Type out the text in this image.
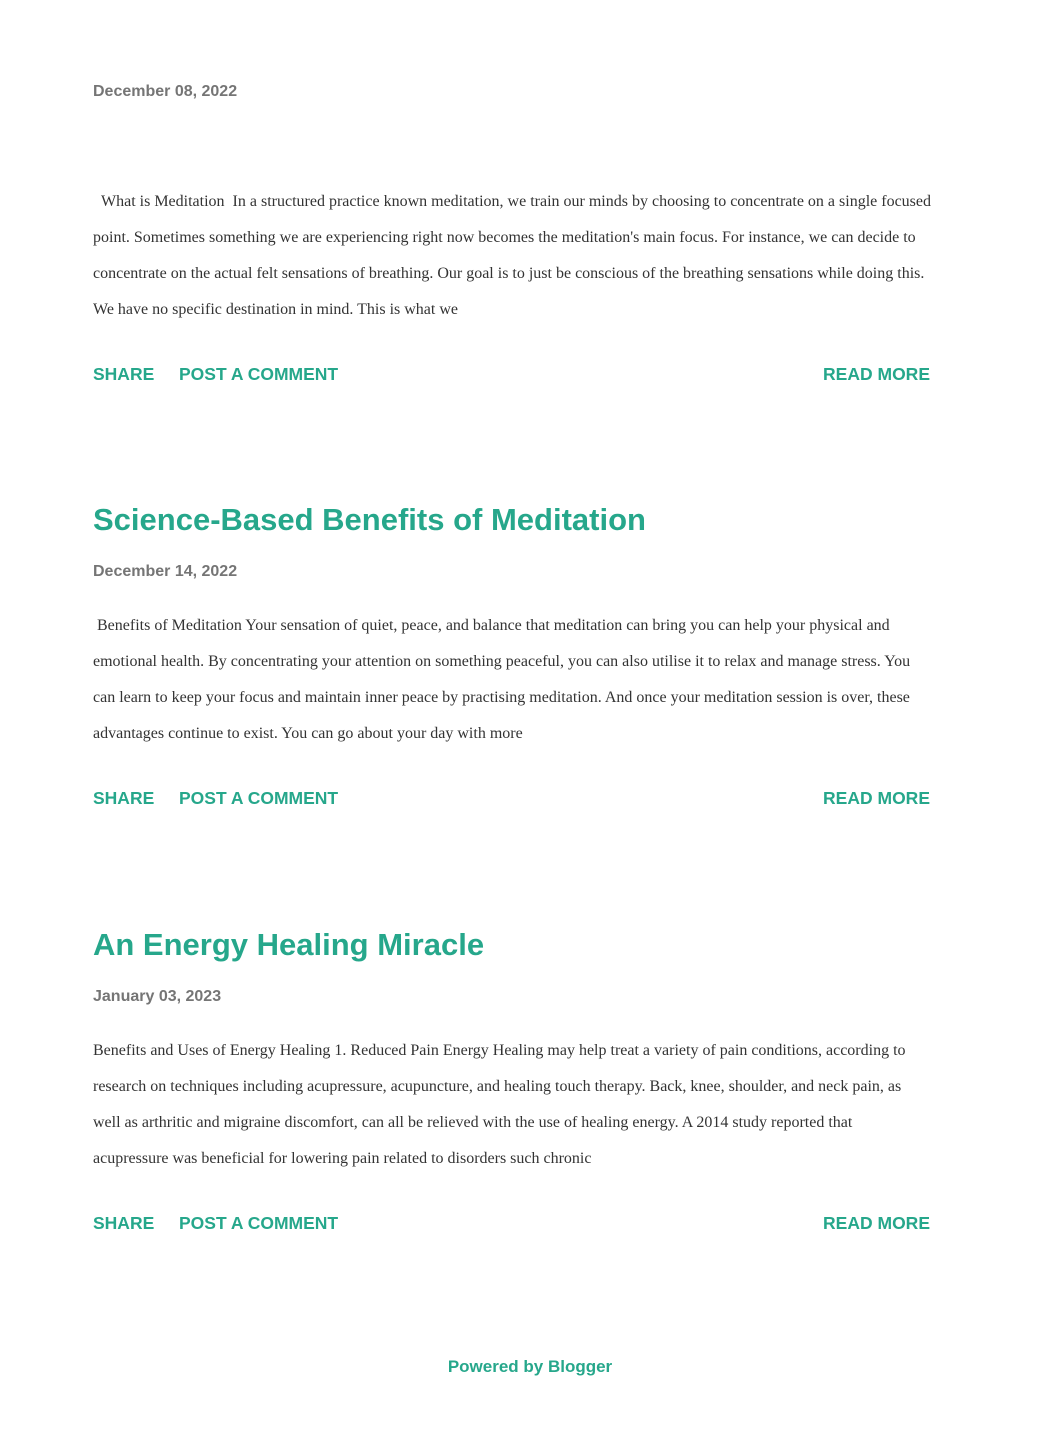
December 08, 2022

What is Meditation  In a structured practice known meditation, we train our minds by choosing to concentrate on a single focused point. Sometimes something we are experiencing right now becomes the meditation's main focus. For instance, we can decide to concentrate on the actual felt sensations of breathing. Our goal is to just be conscious of the breathing sensations while doing this. We have no specific destination in mind. This is what we

SHARE POST A COMMENT	READ MORE
Science-Based Benefits of Meditation
December 14, 2022

Benefits of Meditation Your sensation of quiet, peace, and balance that meditation can bring you can help your physical and emotional health. By concentrating your attention on something peaceful, you can also utilise it to relax and manage stress. You can learn to keep your focus and maintain inner peace by practising meditation. And once your meditation session is over, these advantages continue to exist. You can go about your day with more

SHARE POST A COMMENT	READ MORE
An Energy Healing Miracle
January 03, 2023

Benefits and Uses of Energy Healing 1. Reduced Pain Energy Healing may help treat a variety of pain conditions, according to research on techniques including acupressure, acupuncture, and healing touch therapy. Back, knee, shoulder, and neck pain, as well as arthritic and migraine discomfort, can all be relieved with the use of healing energy. A 2014 study reported that acupressure was beneficial for lowering pain related to disorders such chronic

SHARE POST A COMMENT	READ MORE
Powered by Blogger
